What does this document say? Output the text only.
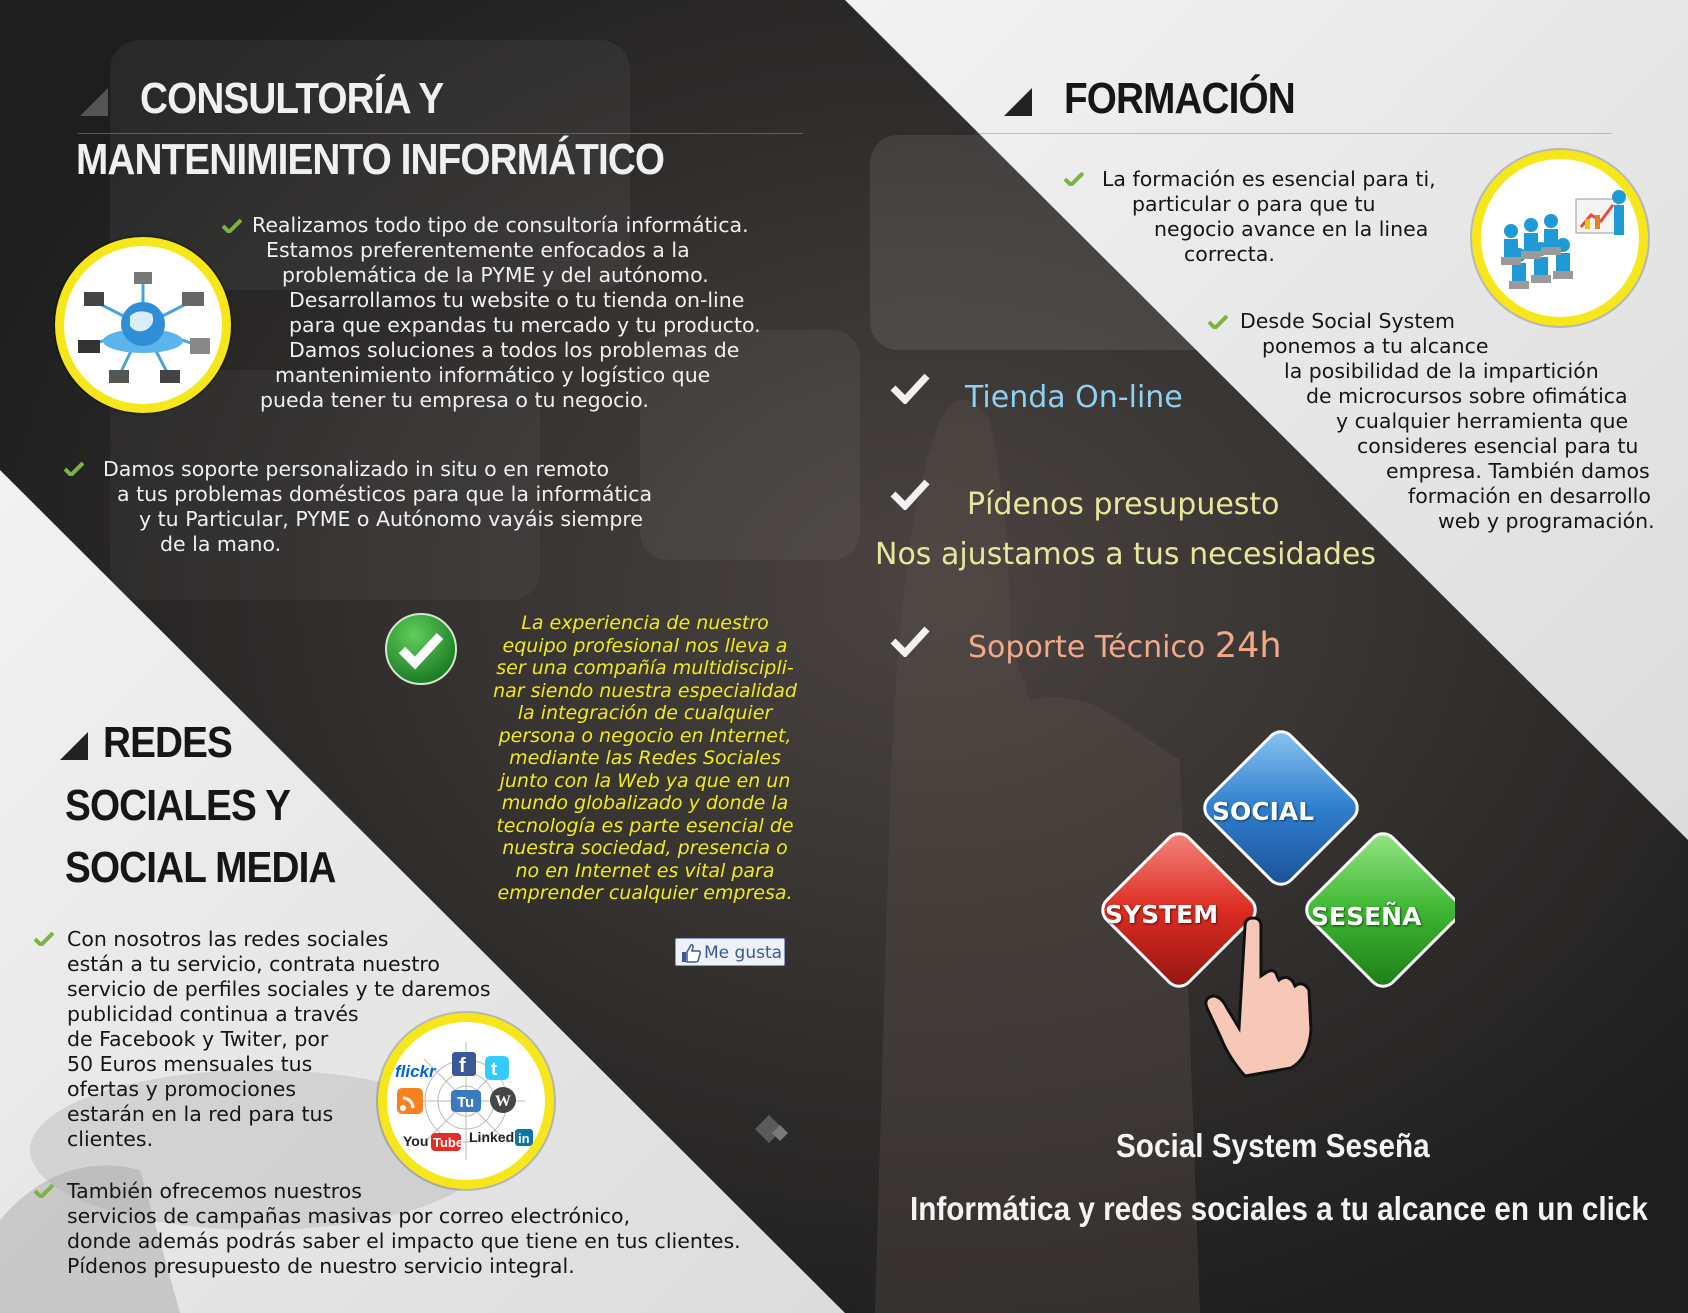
CONSULTORÍA Y
MANTENIMIENTO INFORMÁTICO
Realizamos todo tipo de consultoría informática.
Estamos preferentemente enfocados a la
problemática de la PYME y del autónomo.
Desarrollamos tu website o tu tienda on-line
para que expandas tu mercado y tu producto.
Damos soluciones a todos los problemas de
mantenimiento informático y logístico que
pueda tener tu empresa o tu negocio.
Damos soporte personalizado in situ o en remoto
a tus problemas domésticos para que la informática
y tu Particular, PYME o Autónomo vayáis siempre
de la mano.
FORMACIÓN
La formación es esencial para ti,
particular o para que tu
negocio avance en la linea
correcta.
Desde Social System
ponemos a tu alcance
la posibilidad de la impartición
de microcursos sobre ofimática
y cualquier herramienta que
consideres esencial para tu
empresa. También damos
formación en desarrollo
web y programación.
Tienda On-line
Pídenos presupuesto
Nos ajustamos a tus necesidades
Soporte Técnico 24h
La experiencia de nuestro
equipo profesional nos lleva a
ser una compañía multidiscipli-
nar siendo nuestra especialidad
la integración de cualquier
persona o negocio en Internet,
mediante las Redes Sociales
junto con la Web ya que en un
mundo globalizado y donde la
tecnología es parte esencial de
nuestra sociedad, presencia o
no en Internet es vital para
emprender cualquier empresa.
Me gusta
REDES
SOCIALES Y
SOCIAL MEDIA
Con nosotros las redes sociales
están a tu servicio, contrata nuestro
servicio de perfiles sociales y te daremos
publicidad continua a través
de Facebook y Twiter, por
50 Euros mensuales tus
ofertas y promociones
estarán en la red para tus
clientes.
flickr f t
Tu W
You Tube Linked in
También ofrecemos nuestros
servicios de campañas masivas por correo electrónico,
donde además podrás saber el impacto que tiene en tus clientes.
Pídenos presupuesto de nuestro servicio integral.
SOCIAL
SYSTEM	SESEÑA
Social System Seseña
Informática y redes sociales a tu alcance en un click
